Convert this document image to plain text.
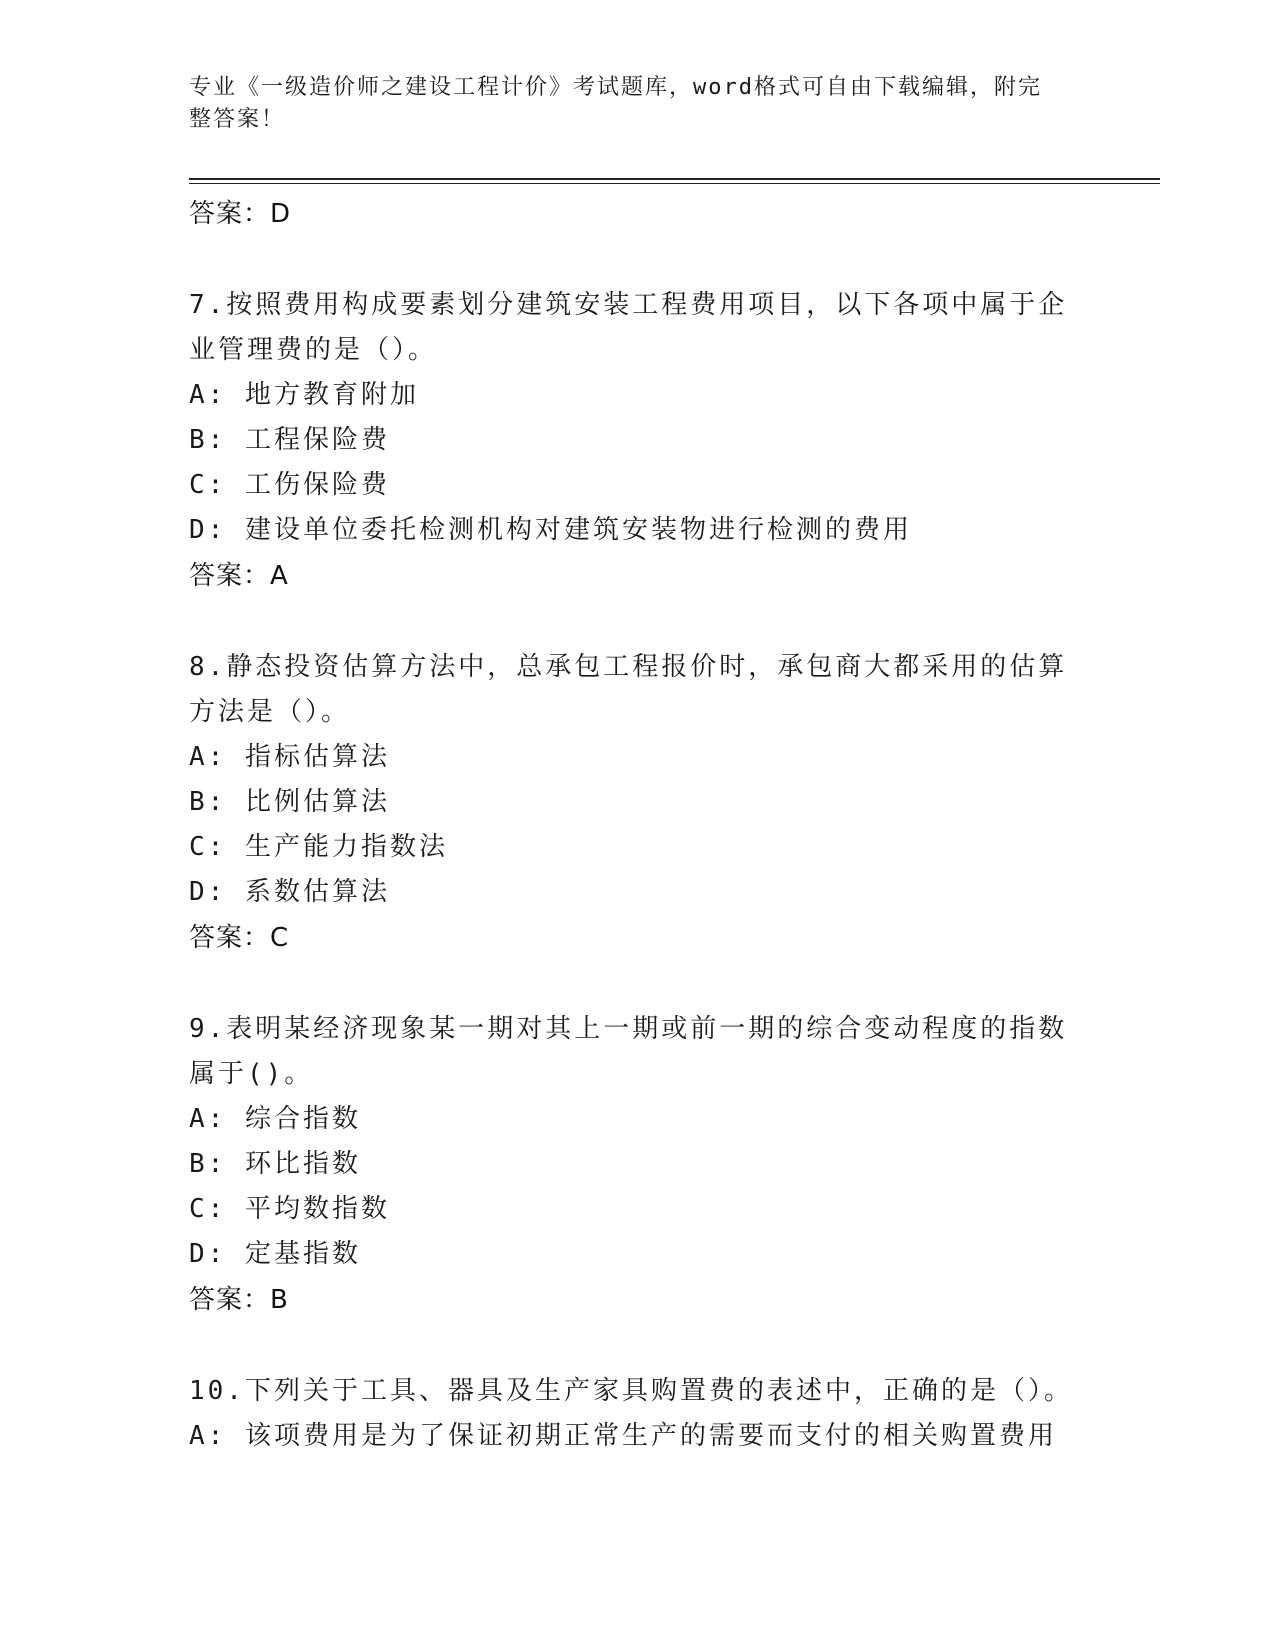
专业《一级造价师之建设工程计价》考试题库，word格式可自由下载编辑，附完
整答案！
答案：D
7.按照费用构成要素划分建筑安装工程费用项目，以下各项中属于企业管理费的是（）。
A: 地方教育附加
B: 工程保险费
C: 工伤保险费
D: 建设单位委托检测机构对建筑安装物进行检测的费用
答案：A
8.静态投资估算方法中，总承包工程报价时，承包商大都采用的估算方法是（）。
A: 指标估算法
B: 比例估算法
C: 生产能力指数法
D: 系数估算法
答案：C
9.表明某经济现象某一期对其上一期或前一期的综合变动程度的指数属于()。
A: 综合指数
B: 环比指数
C: 平均数指数
D: 定基指数
答案：B
10.下列关于工具、器具及生产家具购置费的表述中，正确的是（）。
A: 该项费用是为了保证初期正常生产的需要而支付的相关购置费用
